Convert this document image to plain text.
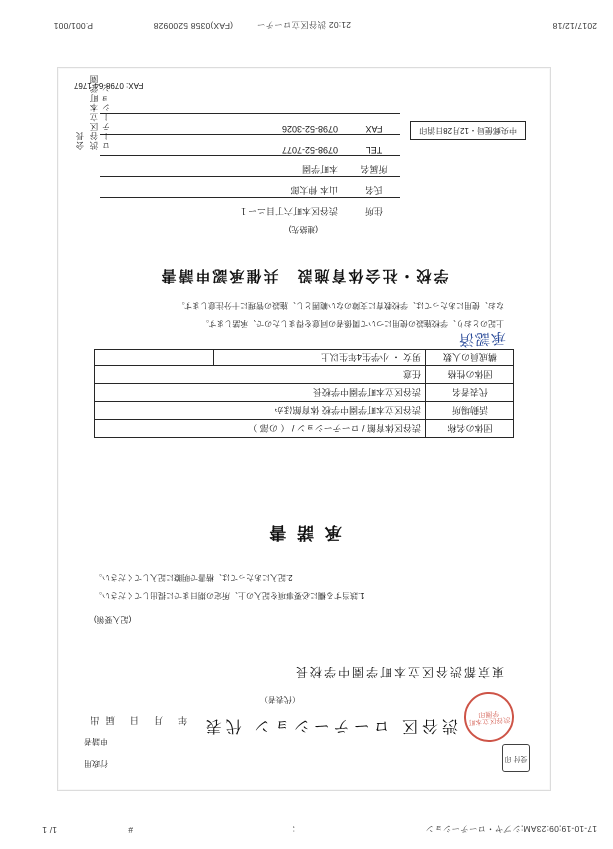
17-10-19;09:23AM;シブヤ・ローテーション
;
#
1/ 1
2017/12/18
21:02 渋谷区立ローテー
(FAX)0358 5200928
P.001/001
受付 印
行政用
申請者
年 月 日 届出	渋谷区立本町学園印
渋谷区 ローテーション 代表
（代表者）
東京都渋谷区立本町学園中学校長
(記入要領)
1.該当する欄に必要事項を記入の上、所定の期日までに提出してください。
2.記入にあたっては、楷書で明瞭に記入してください。
承 諾 書
団体の名称
渋谷区体育館 / ローテーション / （ の部 ）
活動場所
渋谷区立本町学園中学校 体育館ほか
代表者名
渋谷区立本町学園中学校長
団体の性格
任意
構成員の人数
男女 ・ 小学生4年生以上
承認済
上記のとおり、学校施設の使用について関係者の同意を得ましたので、承諾します。
なお、使用にあたっては、学校教育に支障のない範囲とし、施設の管理に十分注意します。
学校・社会体育施設　共催承認申請書
(連絡先)
住所
渋谷区本町六丁目ニー１
氏名
山本 伸太郎
所属名
本町学園
TEL
0798-52-7077
FAX
0798-52-3026	中央郵便局・12月28日消印
渋谷区立本町学園ローテーション
会長
FAX: 0798-64-1767
